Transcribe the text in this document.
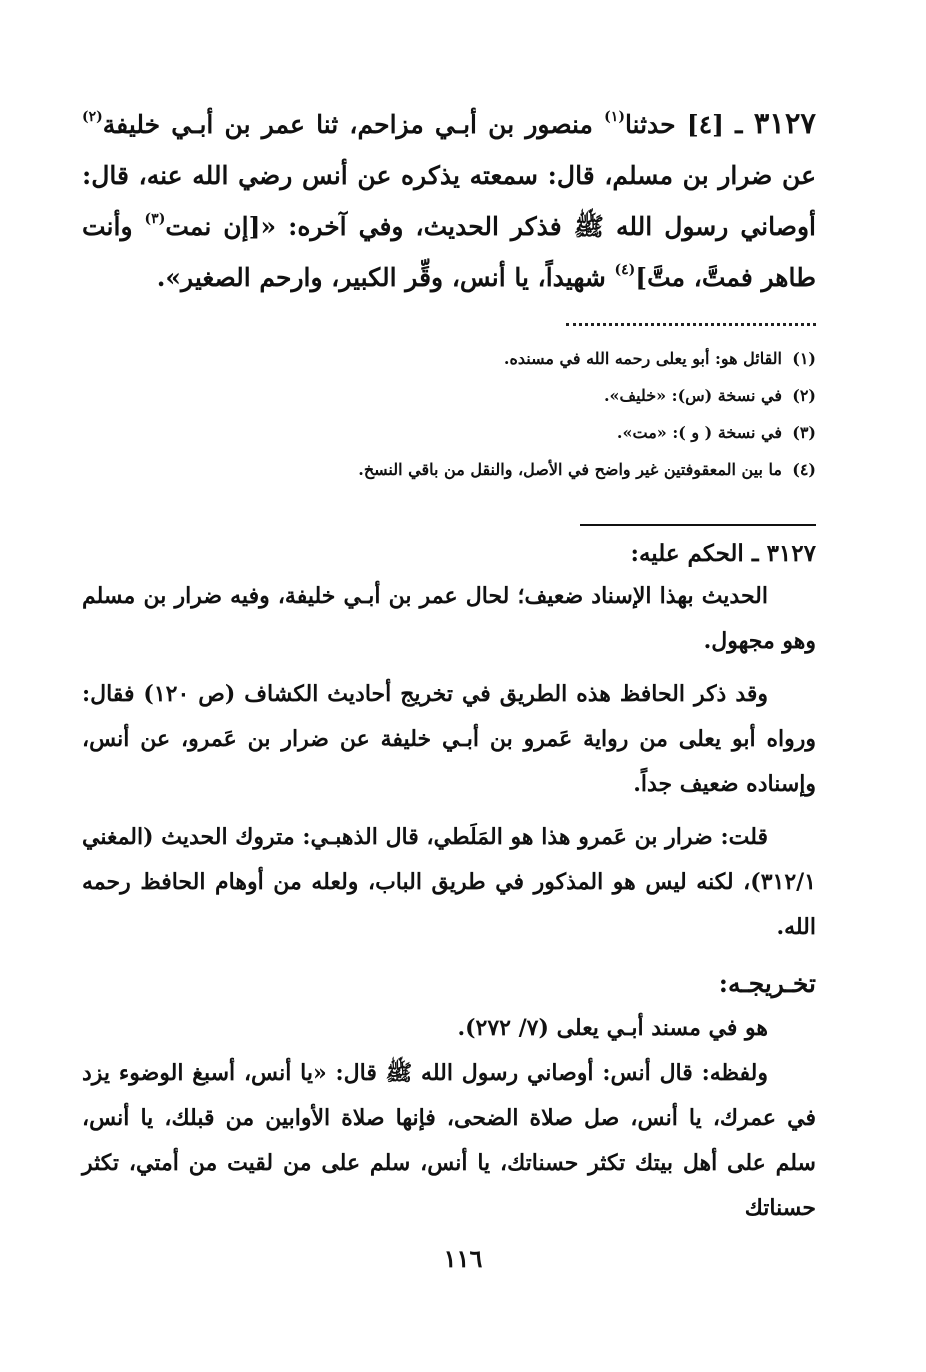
٣١٢٧ ـ [٤] حدثنا$^{(١)}$ منصور بن أبـي مزاحم، ثنا عمر بن أبـي خليفة$^{(٢)}$ عن ضرار بن مسلم، قال: سمعته يذكره عن أنس رضي الله عنه، قال: أوصاني رسول الله ﷺ فذكر الحديث، وفي آخره: «[إن نمت$^{(٣)}$ وأنت طاهر فمتَّ، متَّ]$^{(٤)}$ شهيداً، يا أنس، وقِّر الكبير، وارحم الصغير».

(١)القائل هو: أبو يعلى رحمه الله في مسنده.
(٢)في نسخة (س): «خليف».
(٣)في نسخة ( و ): «مت».
(٤)ما بين المعقوفتين غير واضح في الأصل، والنقل من باقي النسخ.

٣١٢٧ ـ الحكم عليه:

الحديث بهذا الإسناد ضعيف؛ لحال عمر بن أبـي خليفة، وفيه ضرار بن مسلم وهو مجهول.

وقد ذكر الحافظ هذه الطريق في تخريج أحاديث الكشاف (ص ١٢٠) فقال: ورواه أبو يعلى من رواية عَمرو بن أبـي خليفة عن ضرار بن عَمرو، عن أنس، وإسناده ضعيف جداً.

قلت: ضرار بن عَمرو هذا هو المَلَطي، قال الذهبـي: متروك الحديث (المغني ٣١٢/١)، لكنه ليس هو المذكور في طريق الباب، ولعله من أوهام الحافظ رحمه الله.

تخـريجـه:

هو في مسند أبـي يعلى (٧/ ٢٧٢).

ولفظه: قال أنس: أوصاني رسول الله ﷺ قال: «يا أنس، أسبغ الوضوء يزد في عمرك، يا أنس، صل صلاة الضحى، فإنها صلاة الأوابين من قبلك، يا أنس، سلم على أهل بيتك تكثر حسناتك، يا أنس، سلم على من لقيت من أمتي، تكثر حسناتك

١١٦
